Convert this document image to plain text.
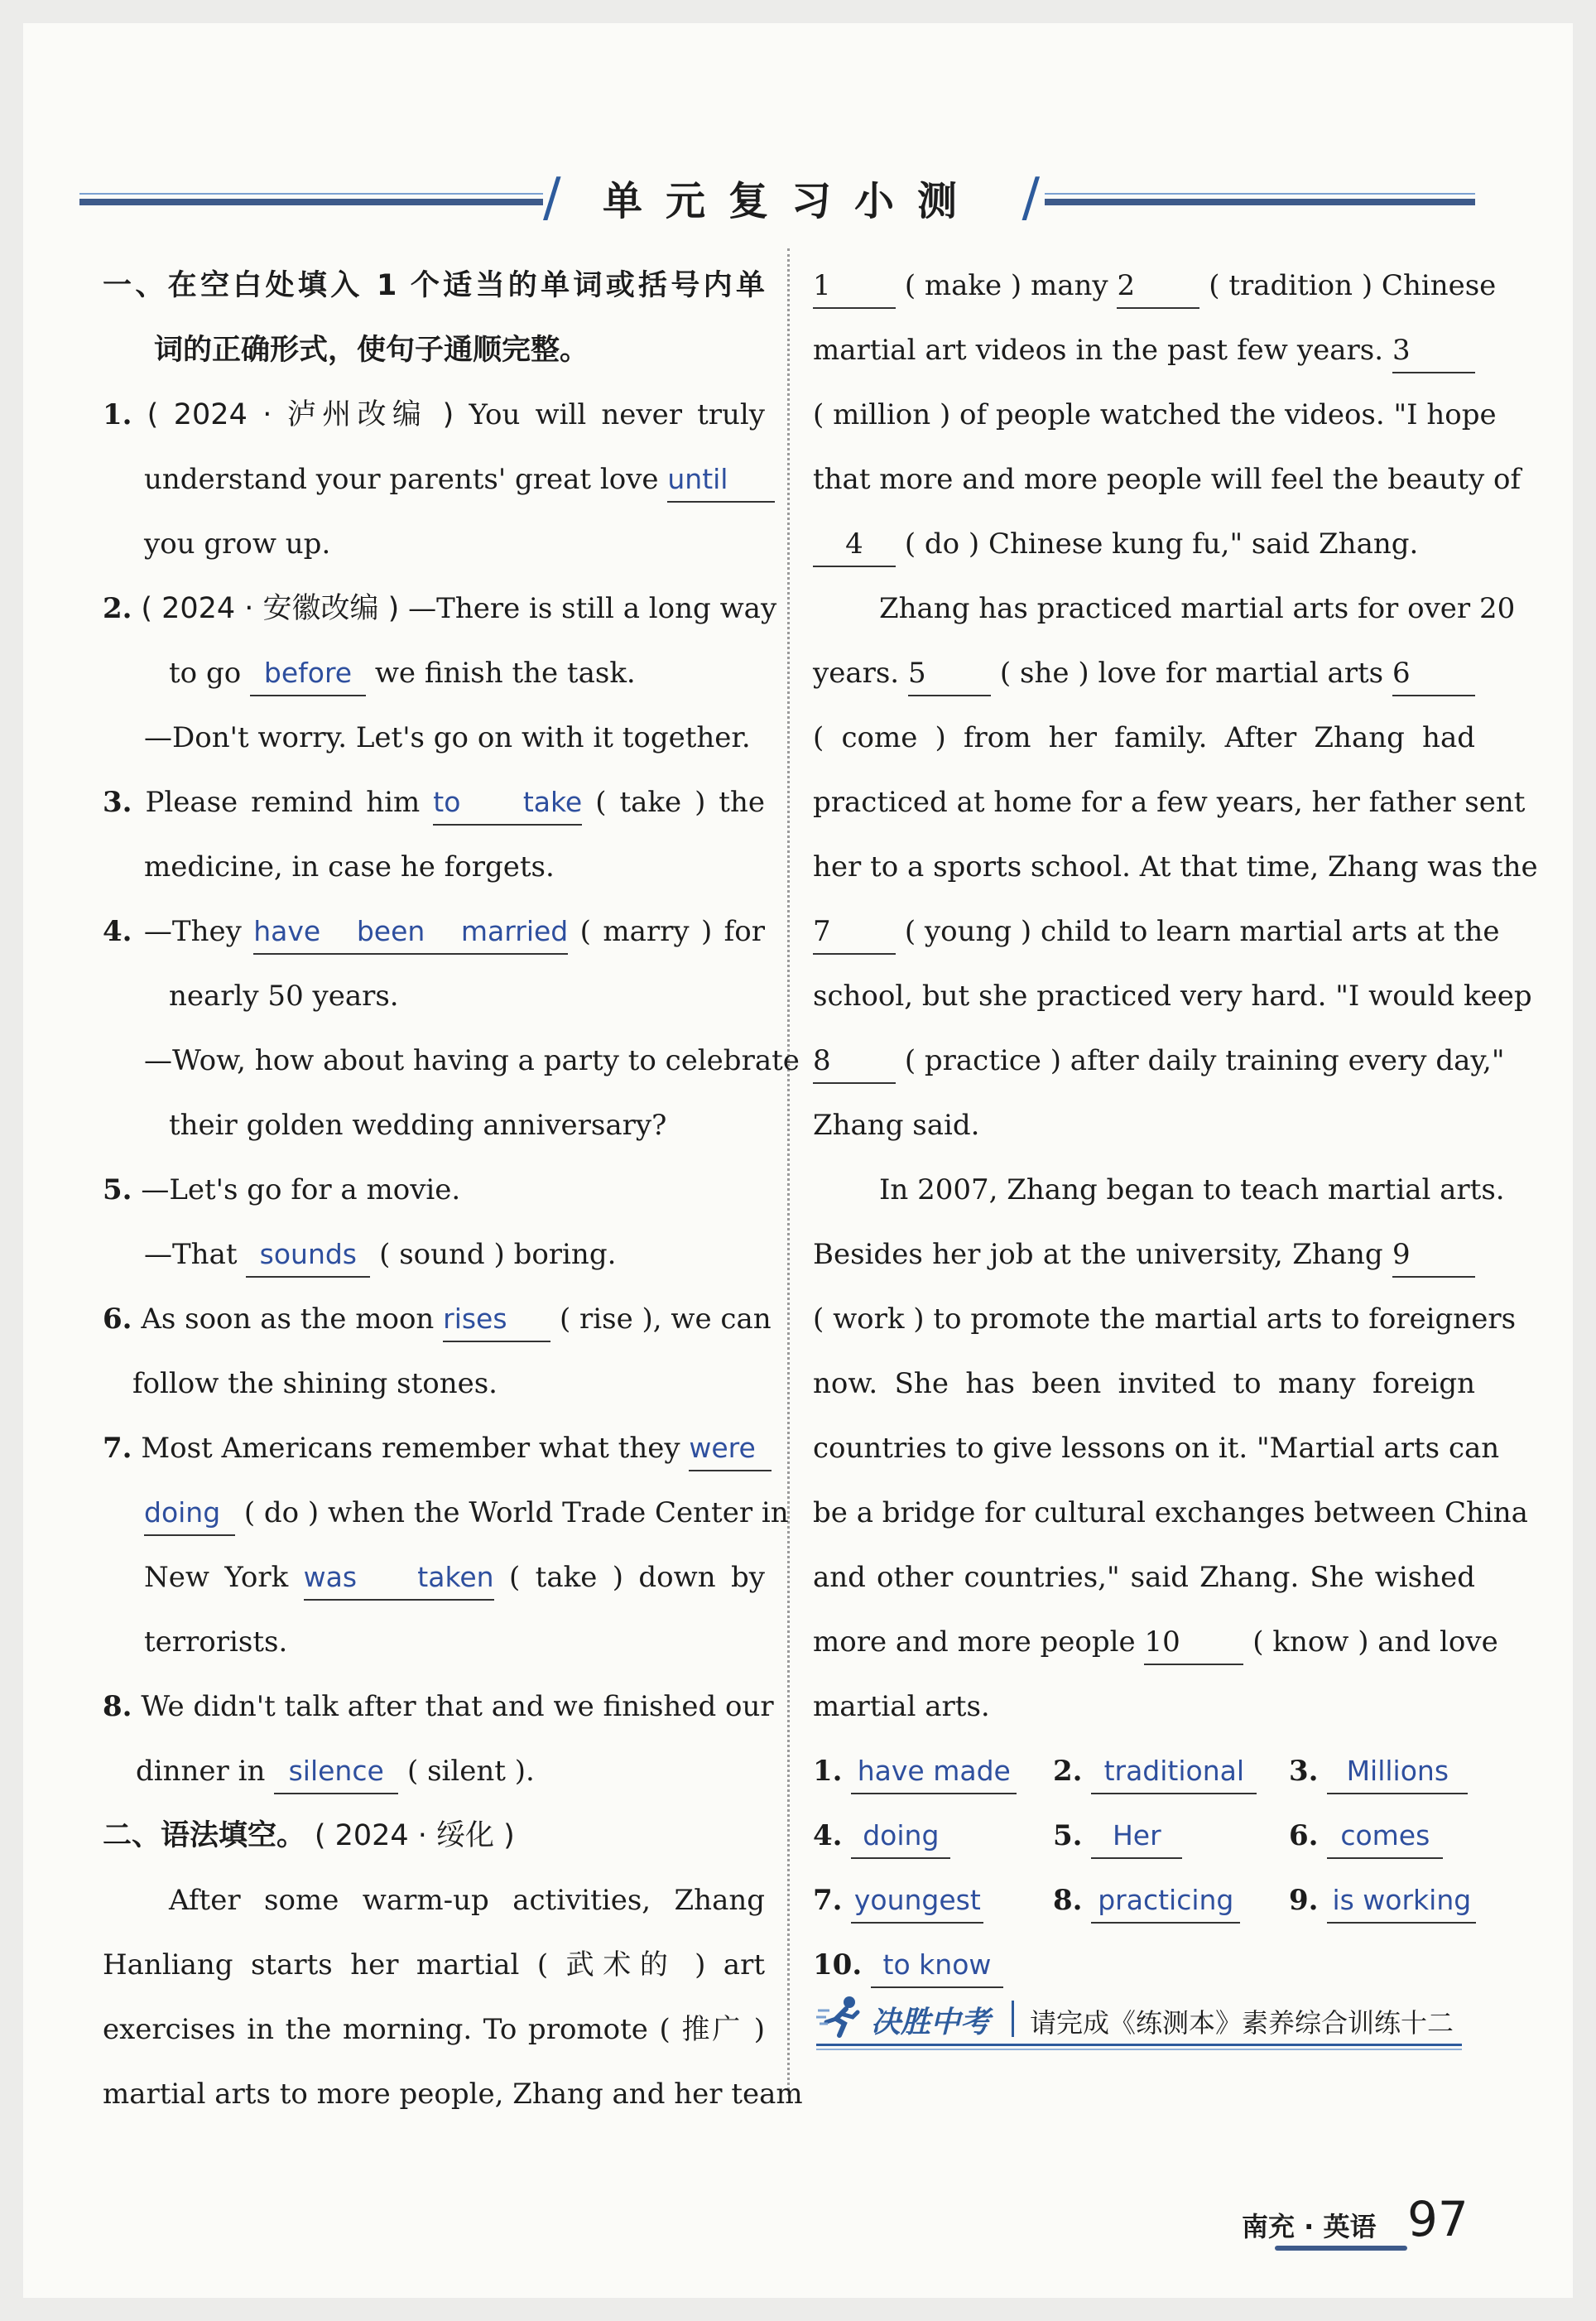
/ 单元复习小测 /
一、在空白处填入 1 个适当的单词或括号内单
词的正确形式，使句子通顺完整。
1. ( 2024 · 泸州改编 ) You will never truly
understand your parents' great love until
you grow up.
2. ( 2024 · 安徽改编 ) —There is still a long way
to go before we finish the task.
—Don't worry. Let's go on with it together.
3. Please remind him to take ( take ) the
medicine, in case he forgets.
4. —They have been married ( marry ) for
nearly 50 years.
—Wow, how about having a party to celebrate
their golden wedding anniversary?
5. —Let's go for a movie.
—That sounds ( sound ) boring.
6. As soon as the moon rises ( rise ), we can
follow the shining stones.
7. Most Americans remember what they were
doing ( do ) when the World Trade Center in
New York was taken ( take ) down by
terrorists.
8. We didn't talk after that and we finished our
dinner in silence ( silent ).
二、语法填空。 ( 2024 · 绥化 )
After some warm-up activities, Zhang
Hanliang starts her martial ( 武术的 ) art
exercises in the morning. To promote ( 推广 )
martial arts to more people, Zhang and her team
1	( make ) many 2	( tradition ) Chinese
martial art videos in the past few years. 3
( million ) of people watched the videos. "I hope
that more and more people will feel the beauty of
4 ( do ) Chinese kung fu," said Zhang.
Zhang has practiced martial arts for over 20
years. 5	( she ) love for martial arts 6
( come ) from her family. After Zhang had
practiced at home for a few years, her father sent
her to a sports school. At that time, Zhang was the
7	( young ) child to learn martial arts at the
school, but she practiced very hard. "I would keep
8	( practice ) after daily training every day,"
Zhang said.
In 2007, Zhang began to teach martial arts.
Besides her job at the university, Zhang 9
( work ) to promote the martial arts to foreigners
now. She has been invited to many foreign
countries to give lessons on it. "Martial arts can
be a bridge for cultural exchanges between China
and other countries," said Zhang. She wished
more and more people 10	( know ) and love
martial arts.
1. have made	2. traditional	3. Millions
4. doing	5. Her	6. comes
7. youngest	8. practicing	9. is working
10. to know
决胜中考 请完成《练测本》素养综合训练十二
南充 · 英语 97
